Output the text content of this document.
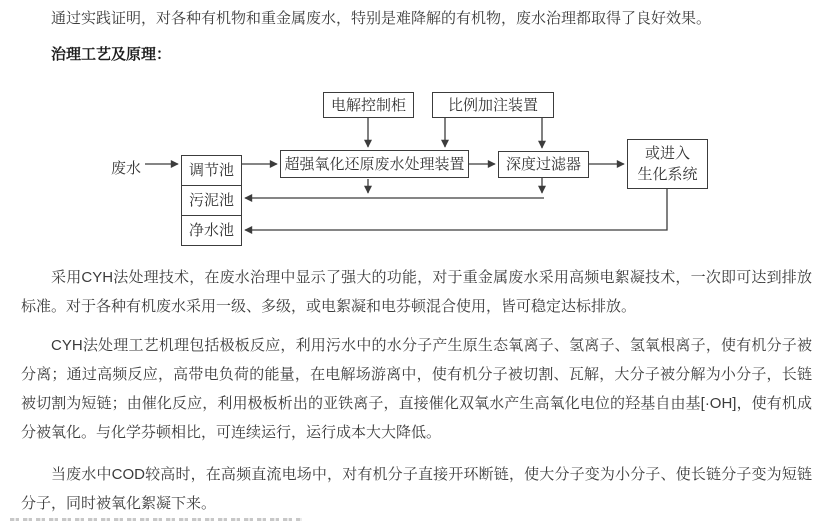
通过实践证明，对各种有机物和重金属废水，特别是难降解的有机物，废水治理都取得了良好效果。

治理工艺及原理：
废水	调节池
污泥池
净水池
电解控制柜	比例加注装置
超强氧化还原废水处理装置	深度过滤器
或进入
生化系统

采用CYH法处理技术，在废水治理中显示了强大的功能，对于重金属废水采用高频电絮凝技术，一次即可达到排放标准。对于各种有机废水采用一级、多级，或电絮凝和电芬顿混合使用，皆可稳定达标排放。

CYH法处理工艺机理包括极板反应，利用污水中的水分子产生原生态氧离子、氢离子、氢氧根离子，使有机分子被分离；通过高频反应，高带电负荷的能量，在电解场游离中，使有机分子被切割、瓦解，大分子被分解为小分子，长链被切割为短链；由催化反应，利用极板析出的亚铁离子，直接催化双氧水产生高氧化电位的羟基自由基[·OH]，使有机成分被氧化。与化学芬顿相比，可连续运行，运行成本大大降低。

当废水中COD较高时，在高频直流电场中，对有机分子直接开环断链，使大分子变为小分子、使长链分子变为短链分子，同时被氧化絮凝下来。
